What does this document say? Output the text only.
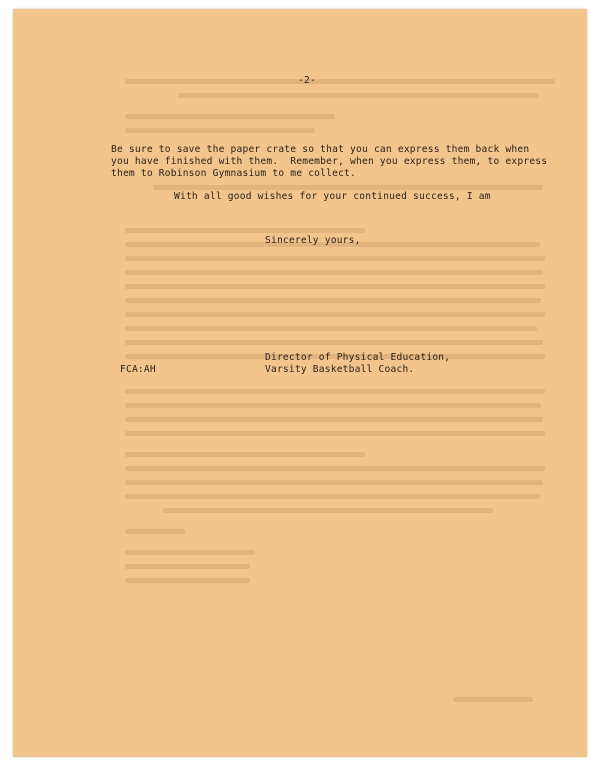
-2-
Be sure to save the paper crate so that you can express them back when
you have finished with them.  Remember, when you express them, to express
them to Robinson Gymnasium to me collect.
With all good wishes for your continued success, I am
Sincerely yours,
Director of Physical Education,
Varsity Basketball Coach.
FCA:AH
